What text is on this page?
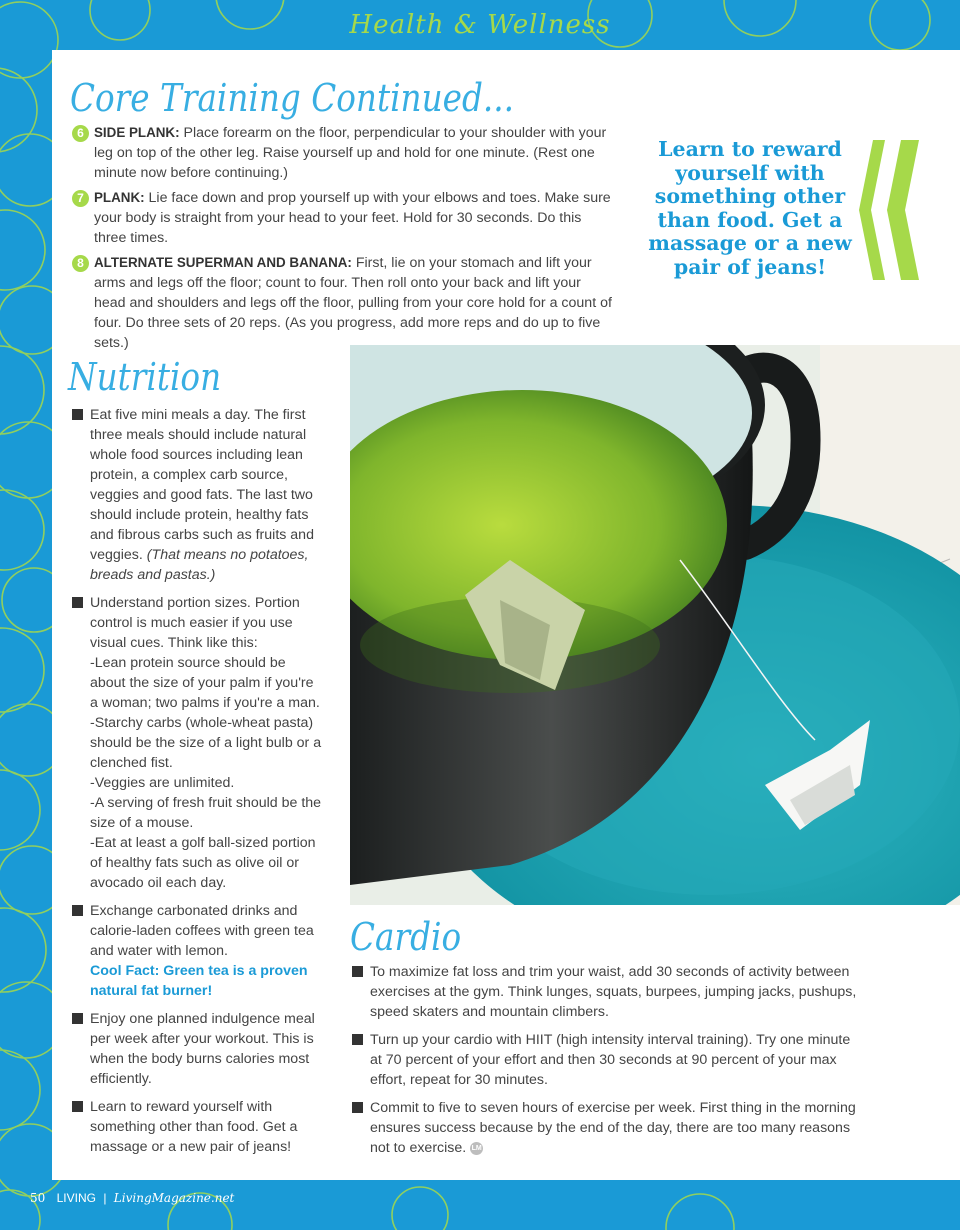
Health & Wellness
Core Training Continued...
6 SIDE PLANK: Place forearm on the floor, perpendicular to your shoulder with your leg on top of the other leg. Raise yourself up and hold for one minute. (Rest one minute now before continuing.)
7 PLANK: Lie face down and prop yourself up with your elbows and toes. Make sure your body is straight from your head to your feet. Hold for 30 seconds. Do this three times.
8 ALTERNATE SUPERMAN AND BANANA: First, lie on your stomach and lift your arms and legs off the floor; count to four. Then roll onto your back and lift your head and shoulders and legs off the floor, pulling from your core hold for a count of four. Do three sets of 20 reps. (As you progress, add more reps and do up to five sets.)

Learn to reward yourself with something other than food. Get a massage or a new pair of jeans!

Nutrition
Eat five mini meals a day. The first three meals should include natural whole food sources including lean protein, a complex carb source, veggies and good fats. The last two should include protein, healthy fats and fibrous carbs such as fruits and veggies. (That means no potatoes, breads and pastas.)
Understand portion sizes. Portion control is much easier if you use visual cues. Think like this:
-Lean protein source should be about the size of your palm if you're a woman; two palms if you're a man.
-Starchy carbs (whole-wheat pasta) should be the size of a light bulb or a clenched fist.
-Veggies are unlimited.
-A serving of fresh fruit should be the size of a mouse.
-Eat at least a golf ball-sized portion of healthy fats such as olive oil or avocado oil each day.
Exchange carbonated drinks and calorie-laden coffees with green tea and water with lemon.
Cool Fact: Green tea is a proven natural fat burner!
Enjoy one planned indulgence meal per week after your workout. This is when the body burns calories most efficiently.
Learn to reward yourself with something other than food. Get a massage or a new pair of jeans!
Cardio
To maximize fat loss and trim your waist, add 30 seconds of activity between exercises at the gym. Think lunges, squats, burpees, jumping jacks, pushups, speed skaters and mountain climbers.
Turn up your cardio with HIIT (high intensity interval training). Try one minute at 70 percent of your effort and then 30 seconds at 90 percent of your max effort, repeat for 30 minutes.
Commit to five to seven hours of exercise per week. First thing in the morning ensures success because by the end of the day, there are too many reasons not to exercise. LM
50 LIVING | LivingMagazine.net
